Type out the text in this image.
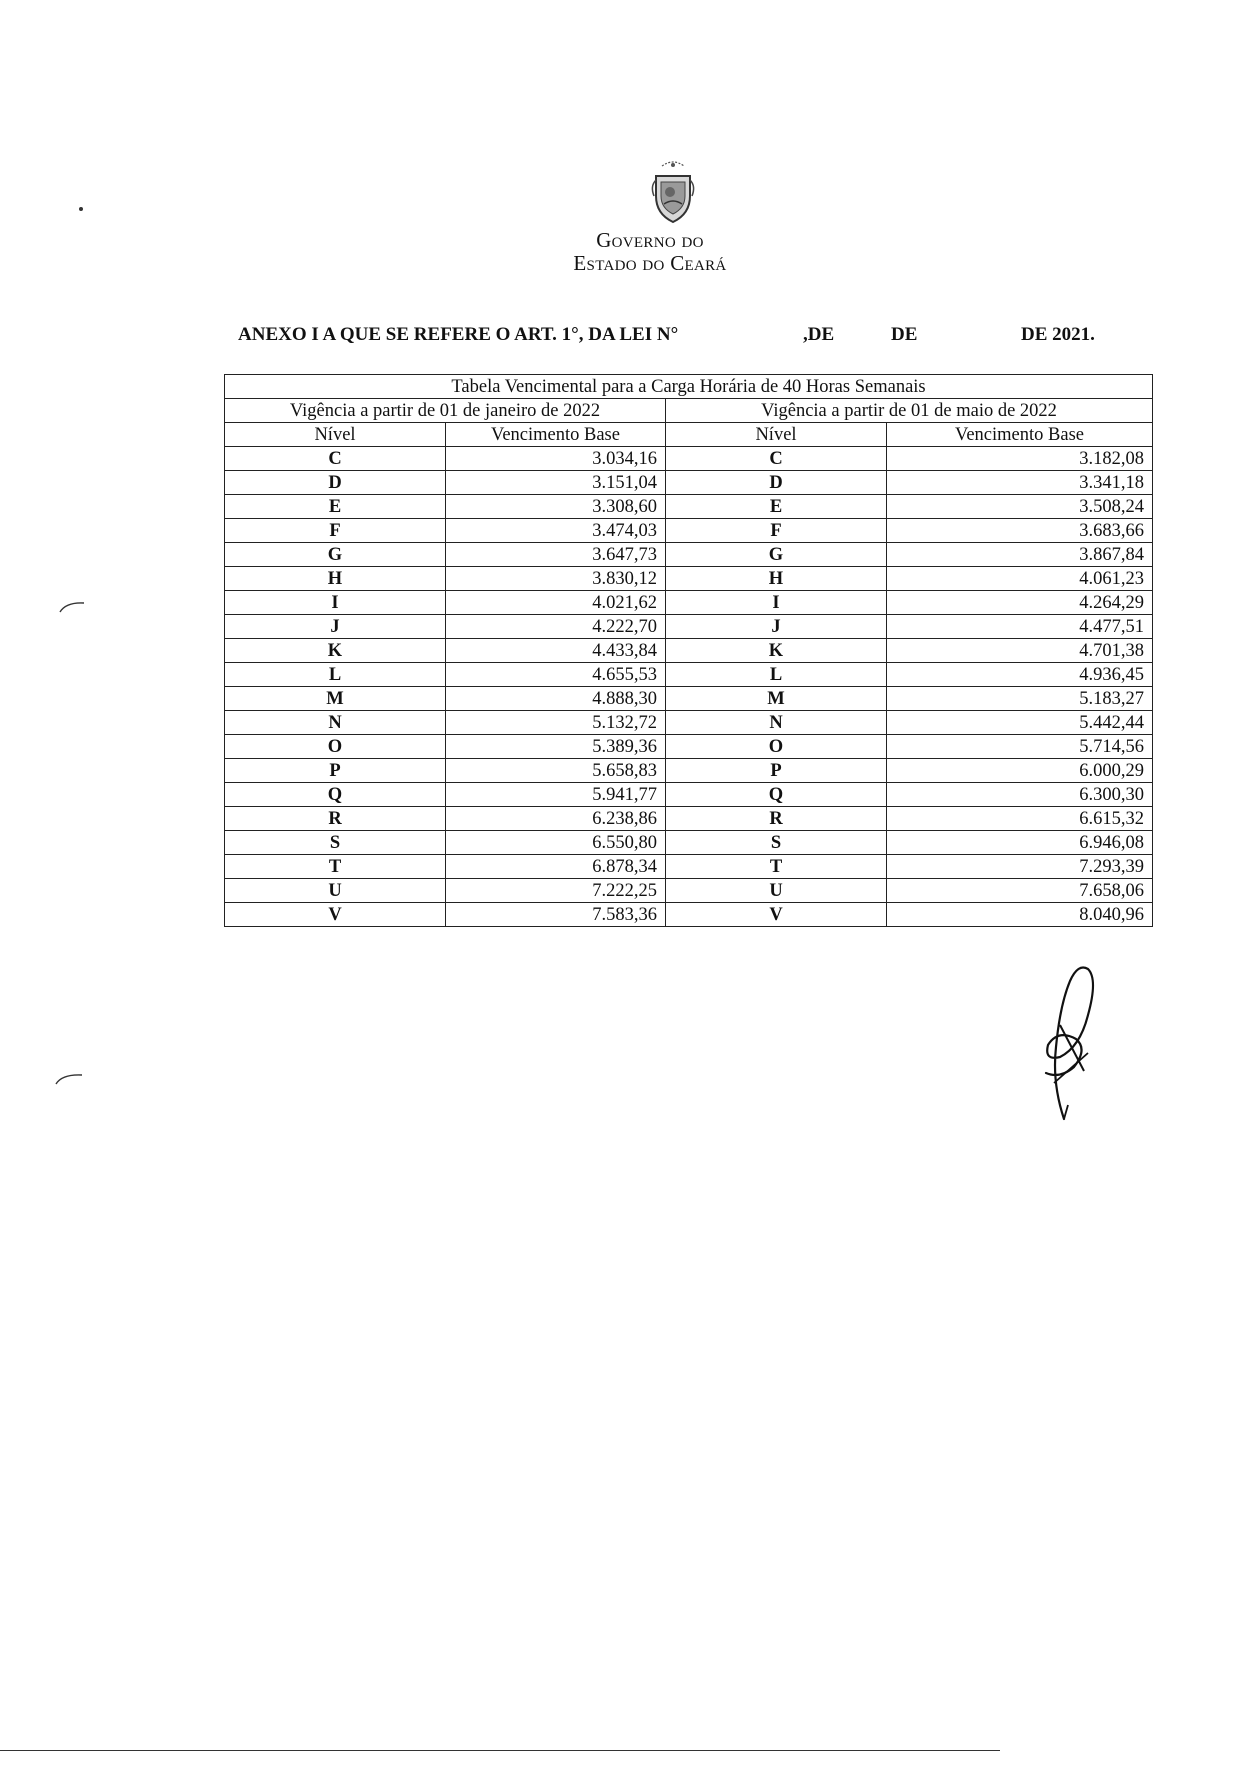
Governo do
Estado do Ceará
ANEXO I A QUE SE REFERE O ART. 1°, DA LEI N°	,DE	DE	DE 2021.
Tabela Vencimental para a Carga Horária de 40 Horas Semanais			
Vigência a partir de 01 de janeiro de 2022		Vigência a partir de 01 de maio de 2022	
Nível	Vencimento Base	Nível	Vencimento Base
C	3.034,16	C	3.182,08
D	3.151,04	D	3.341,18
E	3.308,60	E	3.508,24
F	3.474,03	F	3.683,66
G	3.647,73	G	3.867,84
H	3.830,12	H	4.061,23
I	4.021,62	I	4.264,29
J	4.222,70	J	4.477,51
K	4.433,84	K	4.701,38
L	4.655,53	L	4.936,45
M	4.888,30	M	5.183,27
N	5.132,72	N	5.442,44
O	5.389,36	O	5.714,56
P	5.658,83	P	6.000,29
Q	5.941,77	Q	6.300,30
R	6.238,86	R	6.615,32
S	6.550,80	S	6.946,08
T	6.878,34	T	7.293,39
U	7.222,25	U	7.658,06
V	7.583,36	V	8.040,96
